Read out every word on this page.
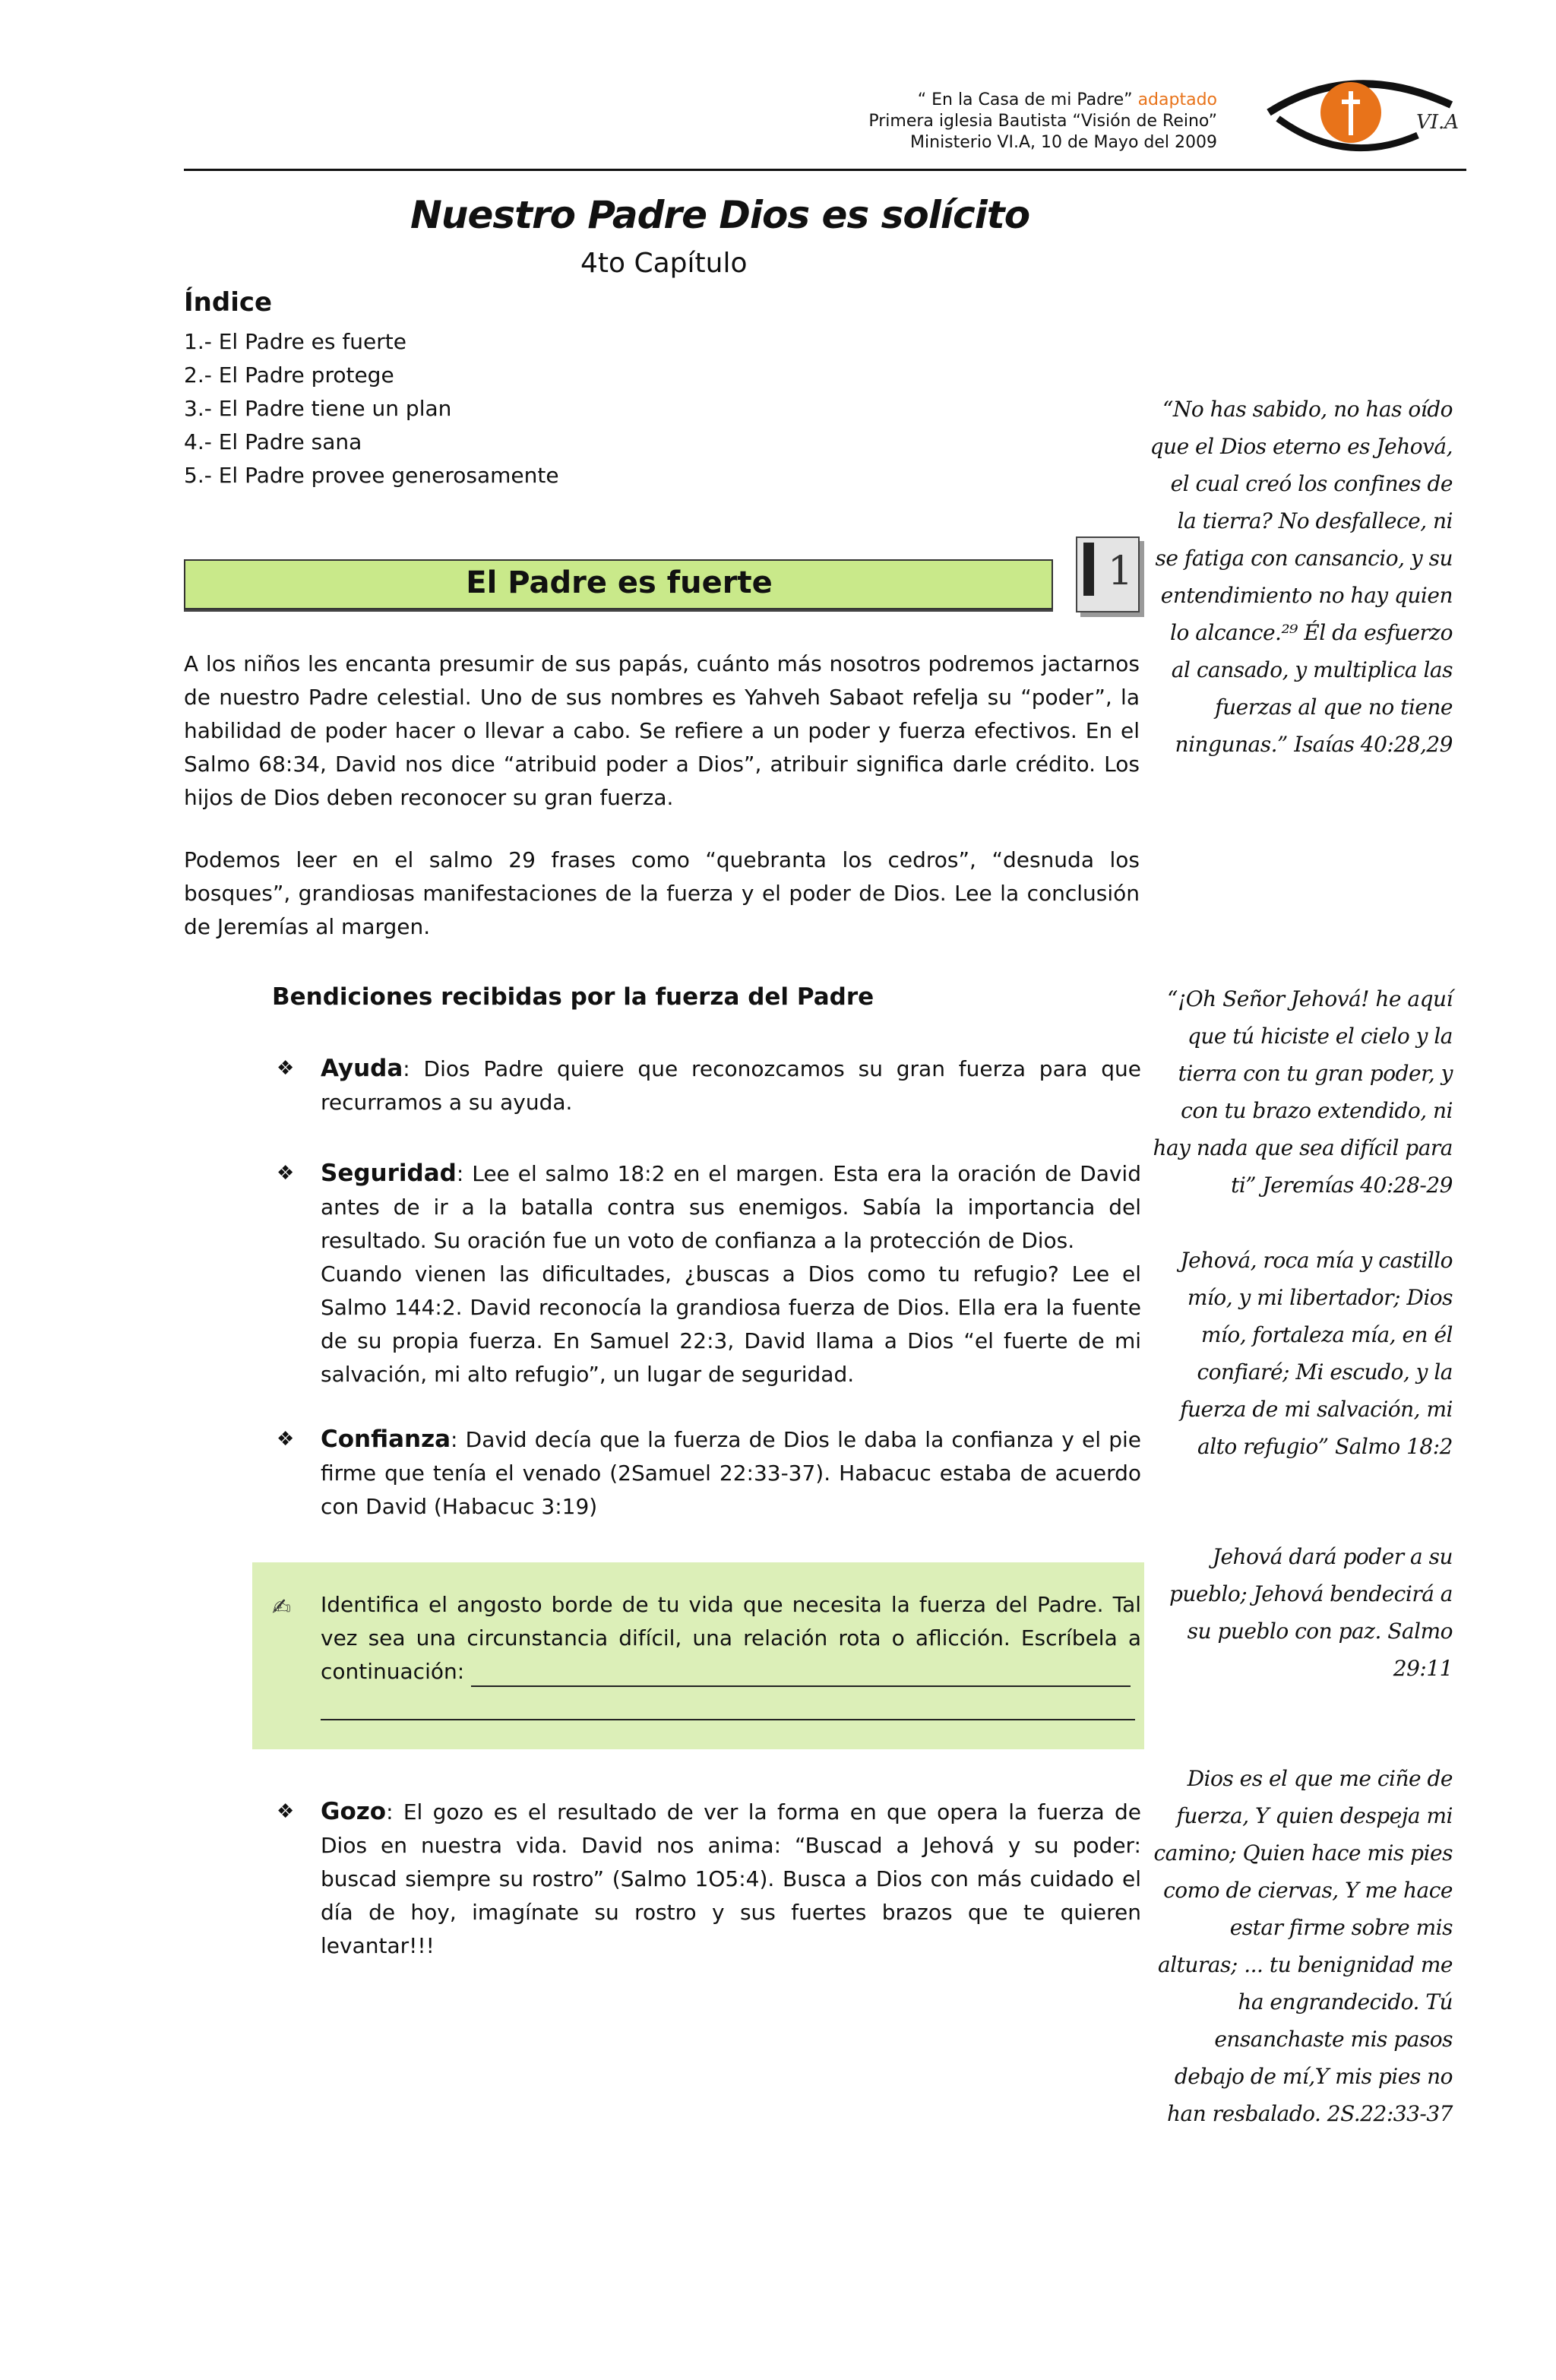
“ En la Casa de mi Padre” adaptado
Primera iglesia Bautista “Visión de Reino”
Ministerio VI.A, 10 de Mayo del 2009
VI.A
Nuestro Padre Dios es solícito
4to Capítulo
Índice
1.- El Padre es fuerte
2.- El Padre protege
3.- El Padre tiene un plan
4.- El Padre sana
5.- El Padre provee generosamente
El Padre es fuerte	1

A los niños les encanta presumir de sus papás, cuánto más nosotros podremos jactarnos de nuestro Padre celestial. Uno de sus nombres es Yahveh Sabaot refelja su “poder”, la habilidad de poder hacer o llevar a cabo. Se refiere a un poder y fuerza efectivos. En el Salmo 68:34, David nos dice “atribuid poder a Dios”, atribuir significa darle crédito. Los hijos de Dios deben reconocer su gran fuerza.

Podemos leer en el salmo 29 frases como “quebranta los cedros”, “desnuda los bosques”, grandiosas manifestaciones de la fuerza y el poder de Dios. Lee la conclusión de Jeremías al margen.

Bendiciones recibidas por la fuerza del Padre
❖ Ayuda: Dios Padre quiere que reconozcamos su gran fuerza para que recurramos a su ayuda.
❖ Seguridad: Lee el salmo 18:2 en el margen. Esta era la oración de David antes de ir a la batalla contra sus enemigos. Sabía la importancia del resultado. Su oración fue un voto de confianza a la protección de Dios.
Cuando vienen las dificultades, ¿buscas a Dios como tu refugio? Lee el Salmo 144:2. David reconocía la grandiosa fuerza de Dios. Ella era la fuente de su propia fuerza. En Samuel 22:3, David llama a Dios “el fuerte de mi salvación, mi alto refugio”, un lugar de seguridad.
❖ Confianza: David decía que la fuerza de Dios le daba la confianza y el pie firme que tenía el venado (2Samuel 22:33-37). Habacuc estaba de acuerdo con David (Habacuc 3:19)
✍ Identifica el angosto borde de tu vida que necesita la fuerza del Padre. Tal vez sea una circunstancia difícil, una relación rota o aflicción. Escríbela a continuación:
❖ Gozo: El gozo es el resultado de ver la forma en que opera la fuerza de Dios en nuestra vida. David nos anima: “Buscad a Jehová y su poder: buscad siempre su rostro” (Salmo 1O5:4). Busca a Dios con más cuidado el día de hoy, imagínate su rostro y sus fuertes brazos que te quieren levantar!!!
“No has sabido, no has oído que el Dios eterno es Jehová, el cual creó los confines de la tierra? No desfallece, ni se fatiga con cansancio, y su entendimiento no hay quien lo alcance.²⁹ Él da esfuerzo al cansado, y multiplica las fuerzas al que no tiene ningunas.” Isaías 40:28,29
“¡Oh Señor Jehová! he aquí que tú hiciste el cielo y la tierra con tu gran poder, y con tu brazo extendido, ni hay nada que sea difícil para ti” Jeremías 40:28-29
Jehová, roca mía y castillo mío, y mi libertador; Dios mío, fortaleza mía, en él confiaré; Mi escudo, y la fuerza de mi salvación, mi alto refugio” Salmo 18:2
Jehová dará poder a su pueblo; Jehová bendecirá a su pueblo con paz. Salmo 29:11
Dios es el que me ciñe de fuerza, Y quien despeja mi camino; Quien hace mis pies como de ciervas, Y me hace estar firme sobre mis alturas; ... tu benignidad me ha engrandecido. Tú ensanchaste mis pasos debajo de mí,Y mis pies no han resbalado. 2S.22:33-37
